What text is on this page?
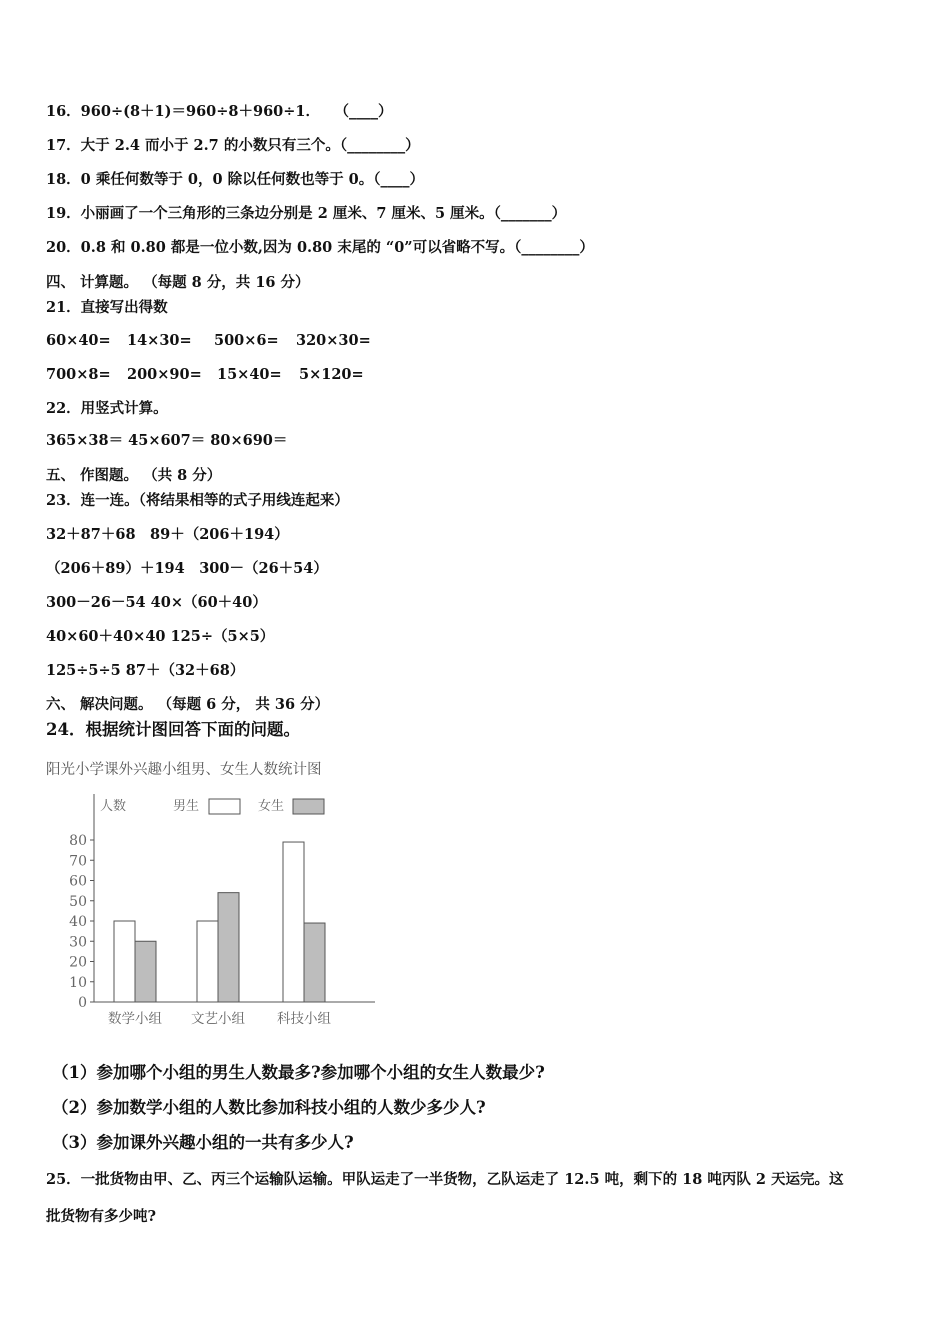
16．960÷(8＋1)＝960÷8＋960÷1．　　（____）
17．大于 2.4 而小于 2.7 的小数只有三个。（________）
18．0 乘任何数等于 0，0 除以任何数也等于 0。（____）
19．小丽画了一个三角形的三条边分别是 2 厘米、7 厘米、5 厘米。（_______）
20．0.8 和 0.80 都是一位小数,因为 0.80 末尾的 “0”可以省略不写。（________）
四、 计算题。 （每题 8 分，共 16 分）
21．直接写出得数
60×40= 14×30= 500×6= 320×30=
700×8= 200×90= 15×40= 5×120=
22．用竖式计算。
365×38＝ 45×607＝ 80×690＝
五、 作图题。 （共 8 分）
23．连一连。（将结果相等的式子用线连起来）
32＋87＋68　89＋（206＋194）
（206＋89）＋194　300－（26＋54）
300－26－54 40×（60＋40）
40×60＋40×40 125÷（5×5）
125÷5÷5 87＋（32＋68）
六、 解决问题。 （每题 6 分， 共 36 分）
24．根据统计图回答下面的问题。
阳光小学课外兴趣小组男、女生人数统计图
人数	男生	女生
0
10
20
30
40
50
60
70
80
数学小组 文艺小组 科技小组
（1）参加哪个小组的男生人数最多?参加哪个小组的女生人数最少?
（2）参加数学小组的人数比参加科技小组的人数少多少人?
（3）参加课外兴趣小组的一共有多少人?
25．一批货物由甲、乙、丙三个运输队运输。甲队运走了一半货物，乙队运走了 12.5 吨，剩下的 18 吨丙队 2 天运完。这
批货物有多少吨?
